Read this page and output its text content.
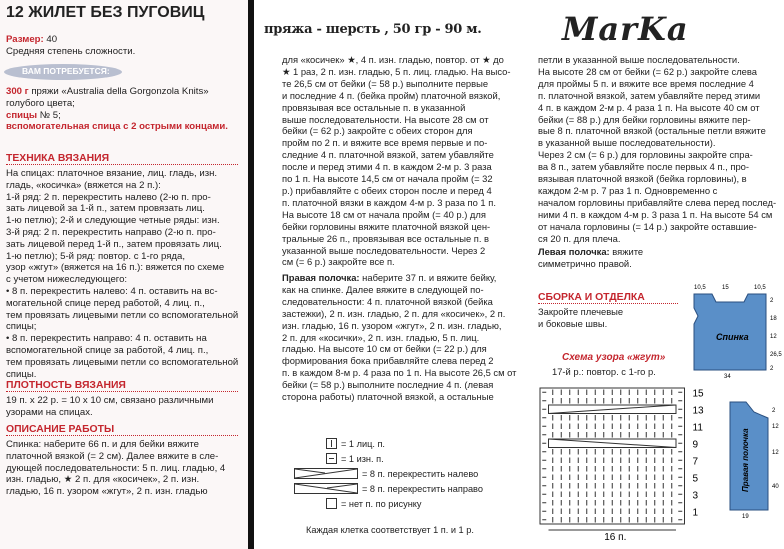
12 ЖИЛЕТ БЕЗ ПУГОВИЦ
Размер: 40
Средняя степень сложности.
ВАМ ПОТРЕБУЕТСЯ:
300 г пряжи «Australia della Gorgonzola Knits»
голубого цвета;
спицы № 5;
вспомогательная спица с 2 острыми концами.
ТЕХНИКА ВЯЗАНИЯ
На спицах: платочное вязание, лиц. гладь, изн.
гладь, «косичка» (вяжется на 2 п.):
1-й ряд: 2 п. перекрестить налево (2-ю п. про-
зать лицевой за 1-й п., затем провязать лиц.
1-ю петлю); 2-й и следующие четные ряды: изн.
3-й ряд: 2 п. перекрестить направо (2-ю п. про-
зать лицевой перед 1-й п., затем провязать лиц.
1-ю петлю); 5-й ряд: повтор. с 1-го ряда,
узор «жгут» (вяжется на 16 п.): вяжется по схеме
с учетом нижеследующего:
• 8 п. перекрестить налево: 4 п. оставить на вс-
могательной спице перед работой, 4 лиц. п.,
тем провязать лицевыми петли со вспомогательной
спицы;
• 8 п. перекрестить направо: 4 п. оставить на
вспомогательной спице за работой, 4 лиц. п.,
тем провязать лицевыми петли со вспомогательной
спицы.
ПЛОТНОСТЬ ВЯЗАНИЯ
19 п. x 22 р. = 10 x 10 см, связано различными
узорами на спицах.
ОПИСАНИЕ РАБОТЫ
Спинка: наберите 66 п. и для бейки вяжите
платочной вязкой (= 2 см). Далее вяжите в сле-
дующей последовательности: 5 п. лиц. гладью, 4
изн. гладью, ★ 2 п. для «косичек», 2 п. изн.
гладью, 16 п. узором «жгут», 2 п. изн. гладью
пряжа - шерсть , 50 гр - 90 м.
для «косичек» ★, 4 п. изн. гладью, повтор. от ★ до
★ 1 раз, 2 п. изн. гладью, 5 п. лиц. гладью. На высо-
те 26,5 см от бейки (= 58 р.) выполните первые
и последние 4 п. (бейка пройм) платочной вязкой,
провязывая все остальные п. в указанной
выше последовательности. На высоте 28 см от
бейки (= 62 р.) закройте с обеих сторон для
пройм по 2 п. и вяжите все время первые и по-
следние 4 п. платочной вязкой, затем убавляйте
после и перед этими 4 п. в каждом 2-м р. 3 раза
по 1 п. На высоте 14,5 см от начала пройм (= 32
р.) прибавляйте с обеих сторон после и перед 4
п. платочной вязки в каждом 4-м р. 3 раза по 1 п.
На высоте 18 см от начала пройм (= 40 р.) для
бейки горловины вяжите платочной вязкой цен-
тральные 26 п., провязывая все остальные п. в
указанной выше последовательности. Через 2
см (= 6 р.) закройте все п.
Правая полочка: наберите 37 п. и вяжите бейку,
как на спинке. Далее вяжите в следующей по-
следовательности: 4 п. платочной вязкой (бейка
застежки), 2 п. изн. гладью, 2 п. для «косичек», 2 п.
изн. гладью, 16 п. узором «жгут», 2 п. изн. гладью,
2 п. для «косички», 2 п. изн. гладью, 5 п. лиц.
гладью. На высоте 10 см от бейки (= 22 р.) для
формирования бока прибавляйте слева перед 2
п. в каждом 8-м р. 4 раза по 1 п. На высоте 26,5 см от
бейки (= 58 р.) выполните последние 4 п. (левая
сторона работы) платочной вязкой, а остальные
= 1 лиц. п.
= 1 изн. п.
= 8 п. перекрестить налево
= 8 п. перекрестить направо
= нет п. по рисунку
Каждая клетка соответствует 1 п. и 1 р.
MarKa
петли в указанной выше последовательности.
На высоте 28 см от бейки (= 62 р.) закройте слева
для проймы 5 п. и вяжите все время последние 4
п. платочной вязкой, затем убавляйте перед этими
4 п. в каждом 2-м р. 4 раза 1 п. На высоте 40 см от
бейки (= 88 р.) для бейки горловины вяжите пер-
вые 8 п. платочной вязкой (остальные петли вяжите
в указанной выше последовательности).
Через 2 см (= 6 р.) для горловины закройте спра-
ва 8 п., затем убавляйте после первых 4 п., про-
вязывая платочной вязкой (бейка горловины), в
каждом 2-м р. 7 раз 1 п. Одновременно с
началом горловины прибавляйте слева перед послед-
ними 4 п. в каждом 4-м р. 3 раза 1 п. На высоте 54 см
от начала горловины (= 14 р.) закройте оставшие-
ся 20 п. для плеча.
Левая полочка: вяжите
симметрично правой.
СБОРКА И ОТДЕЛКА
Закройте плечевые
и боковые швы.
Спинка
10,5	15	10,5
2
18
12
26,5
2
34
Правая полочка
2
12
12
19
40
Схема узора «жгут»
17-й р.: повтор. с 1-го р.
15
13
11
9
7
5
3
1
16 п.
